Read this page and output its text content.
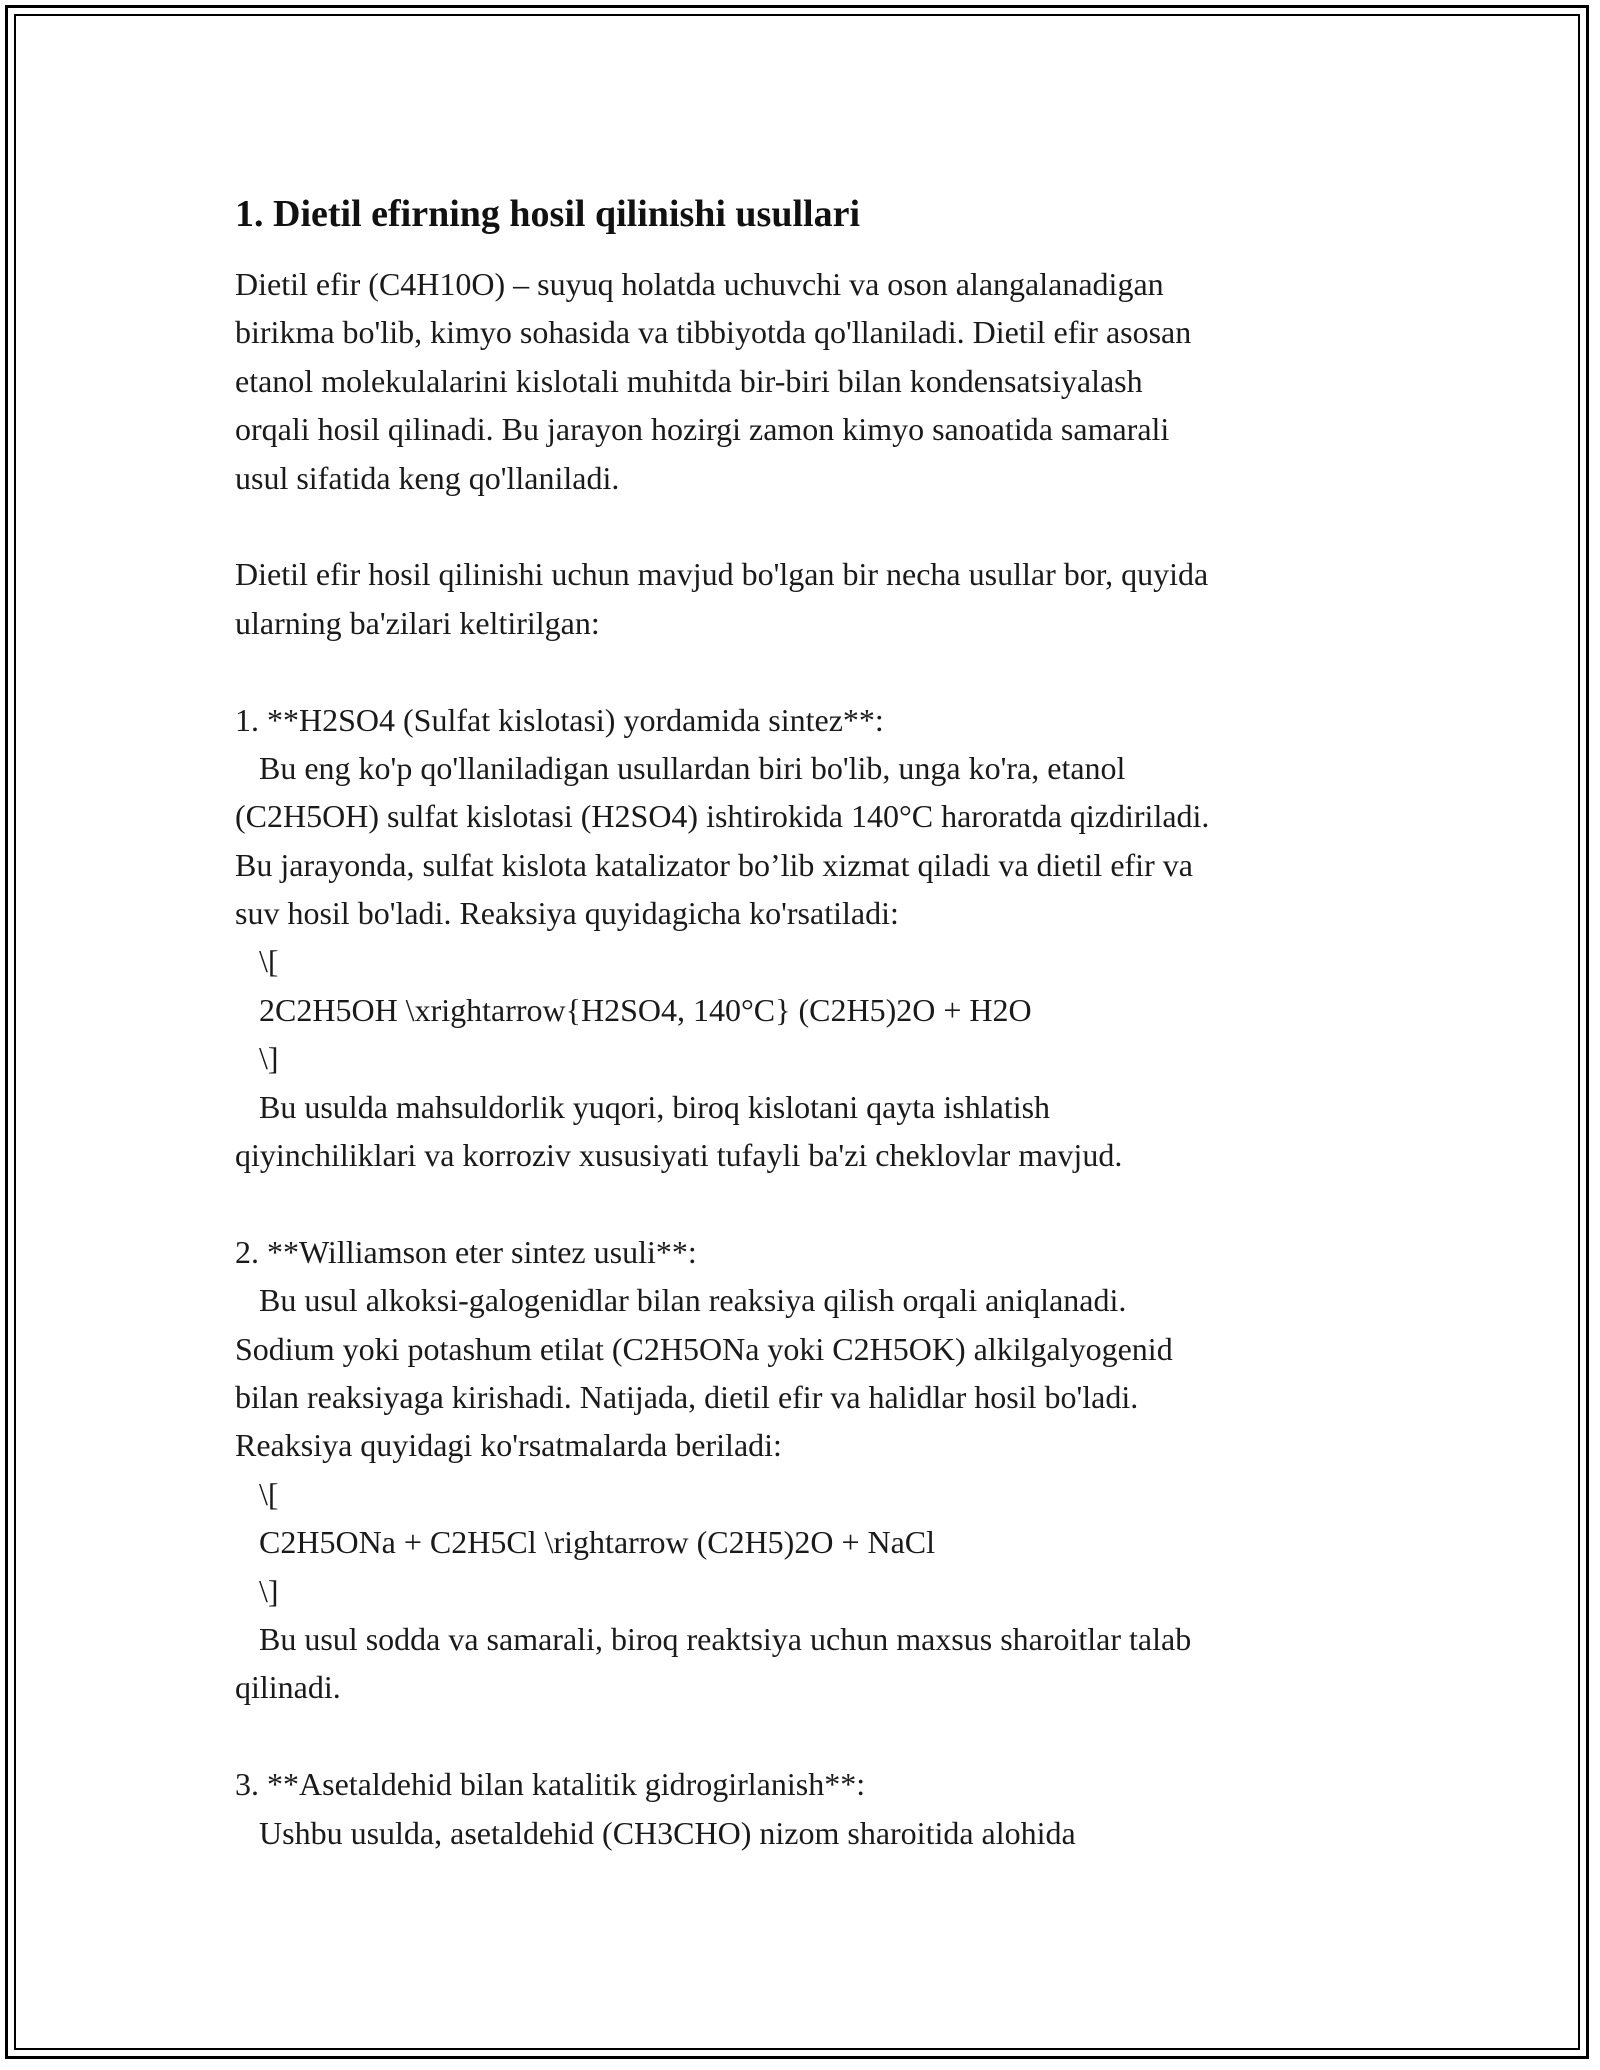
1. Dietil efirning hosil qilinishi usullari
Dietil efir (C4H10O) – suyuq holatda uchuvchi va oson alangalanadigan
birikma bo'lib, kimyo sohasida va tibbiyotda qo'llaniladi. Dietil efir asosan
etanol molekulalarini kislotali muhitda bir-biri bilan kondensatsiyalash
orqali hosil qilinadi. Bu jarayon hozirgi zamon kimyo sanoatida samarali
usul sifatida keng qo'llaniladi.
Dietil efir hosil qilinishi uchun mavjud bo'lgan bir necha usullar bor, quyida
ularning ba'zilari keltirilgan:
1. **H2SO4 (Sulfat kislotasi) yordamida sintez**:
Bu eng ko'p qo'llaniladigan usullardan biri bo'lib, unga ko'ra, etanol
(C2H5OH) sulfat kislotasi (H2SO4) ishtirokida 140°C haroratda qizdiriladi.
Bu jarayonda, sulfat kislota katalizator bo’lib xizmat qiladi va dietil efir va
suv hosil bo'ladi. Reaksiya quyidagicha ko'rsatiladi:
\[
2C2H5OH \xrightarrow{H2SO4, 140°C} (C2H5)2O + H2O
\]
Bu usulda mahsuldorlik yuqori, biroq kislotani qayta ishlatish
qiyinchiliklari va korroziv xususiyati tufayli ba'zi cheklovlar mavjud.
2. **Williamson eter sintez usuli**:
Bu usul alkoksi-galogenidlar bilan reaksiya qilish orqali aniqlanadi.
Sodium yoki potashum etilat (C2H5ONa yoki C2H5OK) alkilgalyogenid
bilan reaksiyaga kirishadi. Natijada, dietil efir va halidlar hosil bo'ladi.
Reaksiya quyidagi ko'rsatmalarda beriladi:
\[
C2H5ONa + C2H5Cl \rightarrow (C2H5)2O + NaCl
\]
Bu usul sodda va samarali, biroq reaktsiya uchun maxsus sharoitlar talab
qilinadi.
3. **Asetaldehid bilan katalitik gidrogirlanish**:
Ushbu usulda, asetaldehid (CH3CHO) nizom sharoitida alohida
